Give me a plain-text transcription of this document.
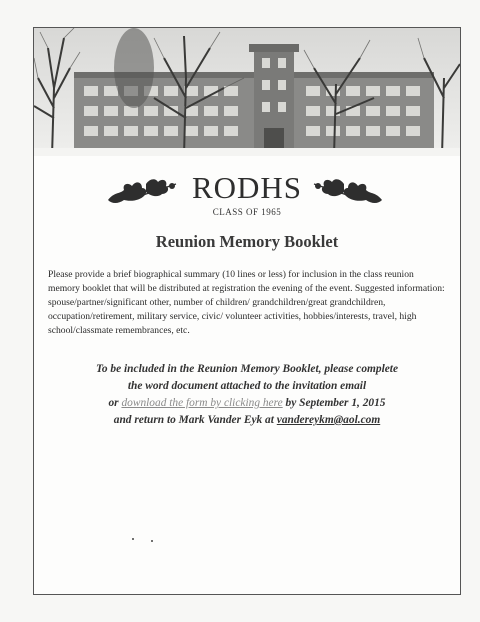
RODHS
CLASS OF 1965
Reunion Memory Booklet

Please provide a brief biographical summary (10 lines or less) for inclusion in the class reunion memory booklet that will be distributed at registration the evening of the event. Suggested information: spouse/partner/significant other, number of children/ grandchildren/great grandchildren, occupation/retirement, military service, civic/ volunteer activities, hobbies/interests, travel, high school/classmate remembrances, etc.

To be included in the Reunion Memory Booklet, please complete
the word document attached to the invitation email
or download the form by clicking here by September 1, 2015
and return to Mark Vander Eyk at vandereykm@aol.com
